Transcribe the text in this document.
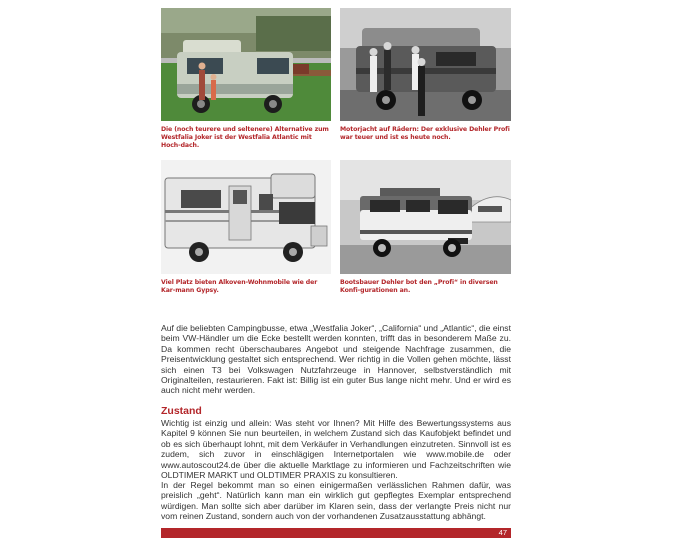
Die (noch teurere und seltenere) Alternative zum Westfalia Joker ist der Westfalia Atlantic mit Hoch-dach.
Motorjacht auf Rädern: Der exklusive Dehler Profi war teuer und ist es heute noch.
Viel Platz bieten Alkoven-Wohnmobile wie der Kar-mann Gypsy.
Bootsbauer Dehler bot den „Profi“ in diversen Konfi-gurationen an.

Auf die beliebten Campingbusse, etwa „Westfalia Joker“, „California“ und „Atlantic“, die einst beim VW-Händler um die Ecke bestellt werden konnten, trifft das in besonderem Maße zu. Da kommen recht überschaubares Angebot und steigende Nachfrage zusammen, die Preisentwicklung gestaltet sich entsprechend. Wer richtig in die Vollen gehen möchte, lässt sich einen T3 bei Volkswagen Nutzfahrzeuge in Hannover, selbstverständlich mit Originalteilen, restaurieren. Fakt ist: Billig ist ein guter Bus lange nicht mehr. Und er wird es auch nicht mehr werden.

Zustand

Wichtig ist einzig und allein: Was steht vor Ihnen? Mit Hilfe des Bewertungssystems aus Kapitel 9 können Sie nun beurteilen, in welchem Zustand sich das Kaufobjekt befindet und ob es sich überhaupt lohnt, mit dem Verkäufer in Verhandlungen einzutreten. Sinnvoll ist es zudem, sich zuvor in einschlägigen Internetportalen wie www.mobile.de oder www.autoscout24.de über die aktuelle Marktlage zu informieren und Fachzeitschriften wie OLDTIMER MARKT und OLDTIMER PRAXIS zu konsultieren.

In der Regel bekommt man so einen einigermaßen verlässlichen Rahmen dafür, was preislich „geht“. Natürlich kann man ein wirklich gut gepflegtes Exemplar entsprechend würdigen. Man sollte sich aber darüber im Klaren sein, dass der verlangte Preis nicht nur vom reinen Zustand, sondern auch von der vorhandenen Zusatzausstattung abhängt.

47
